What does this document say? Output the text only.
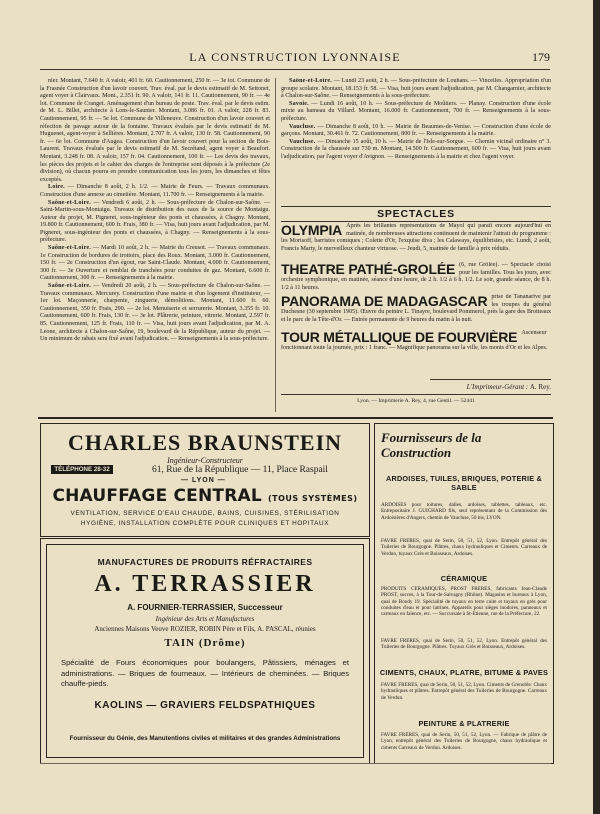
LA CONSTRUCTION LYONNAISE	179

nier. Montant, 7.640 fr. A valoir, 401 fr. 60. Cautionnement, 250 fr. — 3e lot. Commune de la Frasnée Construction d'un lavoir couvert. Trav. éval. par le devis estimatif de M. Settonet, agent voyer à Clairvaux. Mont., 2.351 fr. 90. A valoir, 141 fr. 11. Cautionnement, 90 fr. — 4e lot. Commune de Cranget. Aménagement d'un bureau de poste. Trav. éval. par le devis estim. de M. L. Billet, architecte à Lons-le-Saunier. Montant, 3.086 fr. 01. A valoir, 228 fr. 83. Cautionnement, 95 fr. — 5e lot. Commune de Villeneuve. Construction d'un lavoir couvert et réfection de pavage autour de la fontaine. Travaux évalués par le devis estimatif de M. Huguenet, agent-voyer à Sellières. Montant, 2.707 fr. A valoir, 130 fr. 58. Cautionnement, 90 fr. — 6e lot. Commune d'Augea. Construction d'un lavoir couvert pour la section de Bois-Laurent. Travaux évalués par le devis estimatif de M. Secrétand, agent voyer à Beaufort. Montant, 3.248 fr. 08. A valoir, 157 fr. 04. Cautionnement, 100 fr. — Les devis des travaux, les pièces des projets et le cahier des charges de l'entreprise sont déposés à la préfecture (2e division), où chacun pourra en prendre communication tous les jours, les dimanches et fêtes exceptés.

Loire. — Dimanche 8 août, 2 h. 1/2. — Mairie de Feurs. — Travaux communaux. Construction d'une annexe au cimetière. Montant, 11.700 fr. — Renseignements à la mairie.

Saône-et-Loire. — Vendredi 6 août, 2 h. — Sous-préfecture de Chalon-sur-Saône. — Saint-Martin-sous-Montaigu. Travaux de distribution des eaux de la source de Montaigu. Auteur du projet, M. Pigneret, sous-ingénieur des ponts et chaussées, à Chagny. Montant, 19.800 fr. Cautionnement, 600 fr. Frais, 380 fr. — Visa, huit jours avant l'adjudication, par M. Pigneret, sous-ingénieur des ponts et chaussées, à Chagny. — Renseignements à la sous-préfecture.

Saône-et-Loire. — Mardi 10 août, 2 h. — Mairie du Creusot. — Travaux communaux. 1e Construction de bordures de trottoirs, place des Roux. Montant, 3.000 fr. Cautionnement, 150 fr. — 2e Construction d'un égout, rue Saint-Claude. Montant, 4.000 fr. Cautionnement, 300 fr. — 3e Ouverture et remblai de tranchées pour conduites de gaz. Montant, 6.600 fr. Cautionnement, 300 fr. — Renseignements à la mairie.

Saône-et-Loire. — Vendredi 20 août, 2 h. — Sous-préfecture de Chalon-sur-Saône. — Travaux communaux. Mercurey. Construction d'une mairie et d'un logement d'instituteur, — 1er lot. Maçonnerie, charpente, zinguerie, démolitions. Montant, 11.600 fr. 60. Cautionnement, 350 fr. Frais, 290. — 2e lot. Menuiserie et serrurerie. Montant, 3.355 fr. 10. Cautionnement, 600 fr. Frais, 130 fr. — 3e lot. Plâtrerie, peinture, vitrerie. Montant, 2.597 fr. 85. Cautionnement, 125 fr. Frais, 110 fr. — Visa, huit jours avant l'adjudication, par M. A. Leone, architecte à Chalon-sur-Saône, 19, boulevard de la République, auteur du projet. — Un minimum de rabais sera fixé avant l'adjudication. — Renseignements à la sous-préfecture.

Saône-et-Loire. — Lundi 23 août, 2 h. — Sous-préfecture de Louhans. — Vincelles. Appropriation d'un groupe scolaire. Montant, 18.153 fr. 58. — Visa, huit jours avant l'adjudication, par M. Changarnier, architecte à Chalon-sur-Saône. — Renseignements à la sous-préfecture.

Savoie. — Lundi 16 août, 10 h. — Sous-préfecture de Moûtiers. — Planay. Construction d'une école mixte au hameau du Villard. Montant, 16.000 fr. Cautionnement, 700 fr. — Renseignements à la sous-préfecture.

Vaucluse. — Dimanche 8 août, 10 h. — Mairie de Beaumes-de-Venise. — Construction d'une école de garçons. Montant, 30.461 fr. 72. Cautionnement, 800 fr. — Renseignements à la mairie.

Vaucluse. — Dimanche 15 août, 10 h. — Mairie de l'Isle-sur-Sorgue. — Chemin vicinal ordinaire n° 3. Construction de la chaussée sur 730 m. Montant, 14.500 fr. Cautionnement, 600 fr. — Visa, huit jours avant l'adjudication, par l'agent voyer d'Avignon. — Renseignements à la mairie et chez l'agent voyer.

SPECTACLES
OLYMPIA Après les brillantes représentations de Mayol qui paraît encore aujourd'hui en matinée, de nombreuses attractions continuent de maintenir l'attrait du programme : les Morisoff, barristes comiques ; Colette d'Or, l'exquise diva ; les Calaways, équilibristes, etc. Lundi, 2 août, Francis Marty, le merveilleux chanteur virtuose. — Jeudi, 5, matinée de famille à prix réduits.
THEATRE PATHÉ-GROLÉE (6, rue Grôlée). — Spectacle choisi pour les familles. Tous les jours, avec orchestre symphonique, en matinée, séance d'une heure, de 2 h. 1/2 à 6 h. 1/2. Le soir, grande séance, de 8 h. 1/2 à 11 heures.
PANORAMA DE MADAGASCAR prise de Tananarive par les troupes du général Duchesne (30 septembre 1905). Œuvre du peintre L. Tinayre, boulevard Pommerol, près la gare des Brotteaux et le parc de la Tête-d'Or. — Entrée permanente de 9 heures du matin à la nuit.
TOUR MÉTALLIQUE DE FOURVIÈRE Ascenseur fonctionnant toute la journée, prix : 1 franc. — Magnifique panorama sur la ville, les monts d'Or et les Alpes.
L'Imprimeur-Gérant : A. Rey.
Lyon. — Imprimerie A. Rey, 4, rue Gentil. — 52441
CHARLES BRAUNSTEIN
Ingénieur-Constructeur
TÉLÉPHONE 28-32	61, Rue de la République — 11, Place Raspail
— LYON —
CHAUFFAGE CENTRAL (TOUS SYSTÈMES)
VENTILATION, SERVICE D'EAU CHAUDE, BAINS, CUISINES, STÉRILISATION
HYGIÈNE, INSTALLATION COMPLÈTE POUR CLINIQUES ET HOPITAUX
MANUFACTURES DE PRODUITS RÉFRACTAIRES
A. TERRASSIER
A. FOURNIER-TERRASSIER, Successeur
Ingénieur des Arts et Manufactures
Anciennes Maisons Veuve ROZIER, ROBIN Père et Fils, A. PASCAL, réunies
TAIN (Drôme)
Spécialité de Fours économiques pour boulangers, Pâtissiers, ménages et administrations. — Briques de fourneaux. — Intérieurs de cheminées. — Briques chauffe-pieds.
KAOLINS — GRAVIERS FELDSPATHIQUES
Fournisseur du Génie, des Manutentions civiles et militaires et des grandes Administrations
Fournisseurs de la Construction
ARDOISES, TUILES, BRIQUES, POTERIE & SABLE
ARDOISES pour toitures, dalles, ardoises, tablettes, tableaux, etc. Entrepositaire J. GUICHARD fils, seul représentant de la Commission des Ardoisières d'Angers, chemin de Vaucluse, 50 bis, LYON.
FAVRE FRÈRES, quai de Serin, 50, 51, 52, Lyon. Entrepôt général des Tuileries de Bourgogne. Plâtres, chaux hydrauliques et Ciments. Carreaux de Verdun, tuyaux Grès et Boisseaux, Ardoises.
CÉRAMIQUE
PRODUITS CÉRAMIQUES, PROST FRÈRES, fabricants Jean-Claude PROST, succes, à la Tour-de-Salvagny (Rhône). Magasins et bureaux à Lyon, quai de Bondy 19. Spécialité de tuyaux en terre cuite et tuyaux en grès pour conduites d'eau et pour latrines. Appareils pour sièges inodores, panneaux et carreaux en faïence, etc. — Succursale à St-Étienne, rue de la Préfecture, 22.
FAVRE FRÈRES, quai de Serin, 50, 51, 52, Lyon. Entrepôt général des Tuileries de Bourgogne. Plâtres. Tuyaux Grès et Boisseaux, Ardoises.
CIMENTS, CHAUX, PLATRE, BITUME & PAVES
FAVRE FRÈRES, quai de Serin, 50, 51, 52, Lyon. Ciments de Grenoble. Chaux hydrauliques et plâtres. Entrepôt général des Tuileries de Bourgogne. Carreaux de Verdun.
PEINTURE & PLATRERIE
FAVRE FRÈRES, quai de Serin, 50, 51, 52, Lyon. — Fabrique de plâtre de Lyon, entrepôt général des Tuileries de Bourgogne, chaux hydraulique et ciments Carreaux de Verdun. Ardoises.
